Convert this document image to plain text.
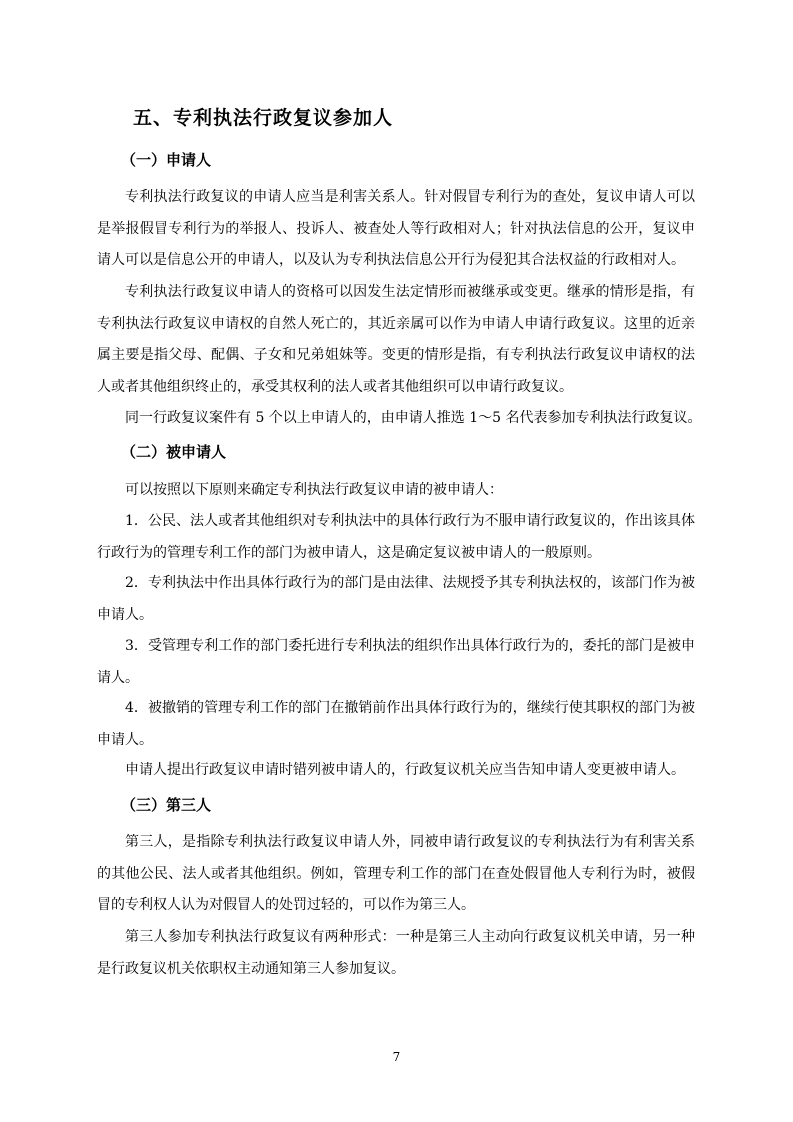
五、专利执法行政复议参加人
（一）申请人

专利执法行政复议的申请人应当是利害关系人。针对假冒专利行为的查处，复议申请人可以是举报假冒专利行为的举报人、投诉人、被查处人等行政相对人；针对执法信息的公开，复议申请人可以是信息公开的申请人，以及认为专利执法信息公开行为侵犯其合法权益的行政相对人。

专利执法行政复议申请人的资格可以因发生法定情形而被继承或变更。继承的情形是指，有专利执法行政复议申请权的自然人死亡的，其近亲属可以作为申请人申请行政复议。这里的近亲属主要是指父母、配偶、子女和兄弟姐妹等。变更的情形是指，有专利执法行政复议申请权的法人或者其他组织终止的，承受其权利的法人或者其他组织可以申请行政复议。

同一行政复议案件有 5 个以上申请人的，由申请人推选 1～5 名代表参加专利执法行政复议。

（二）被申请人

可以按照以下原则来确定专利执法行政复议申请的被申请人：

1．公民、法人或者其他组织对专利执法中的具体行政行为不服申请行政复议的，作出该具体行政行为的管理专利工作的部门为被申请人，这是确定复议被申请人的一般原则。

2．专利执法中作出具体行政行为的部门是由法律、法规授予其专利执法权的，该部门作为被申请人。

3．受管理专利工作的部门委托进行专利执法的组织作出具体行政行为的，委托的部门是被申请人。

4．被撤销的管理专利工作的部门在撤销前作出具体行政行为的，继续行使其职权的部门为被申请人。

申请人提出行政复议申请时错列被申请人的，行政复议机关应当告知申请人变更被申请人。

（三）第三人

第三人，是指除专利执法行政复议申请人外，同被申请行政复议的专利执法行为有利害关系的其他公民、法人或者其他组织。例如，管理专利工作的部门在查处假冒他人专利行为时，被假冒的专利权人认为对假冒人的处罚过轻的，可以作为第三人。

第三人参加专利执法行政复议有两种形式：一种是第三人主动向行政复议机关申请，另一种是行政复议机关依职权主动通知第三人参加复议。

7
